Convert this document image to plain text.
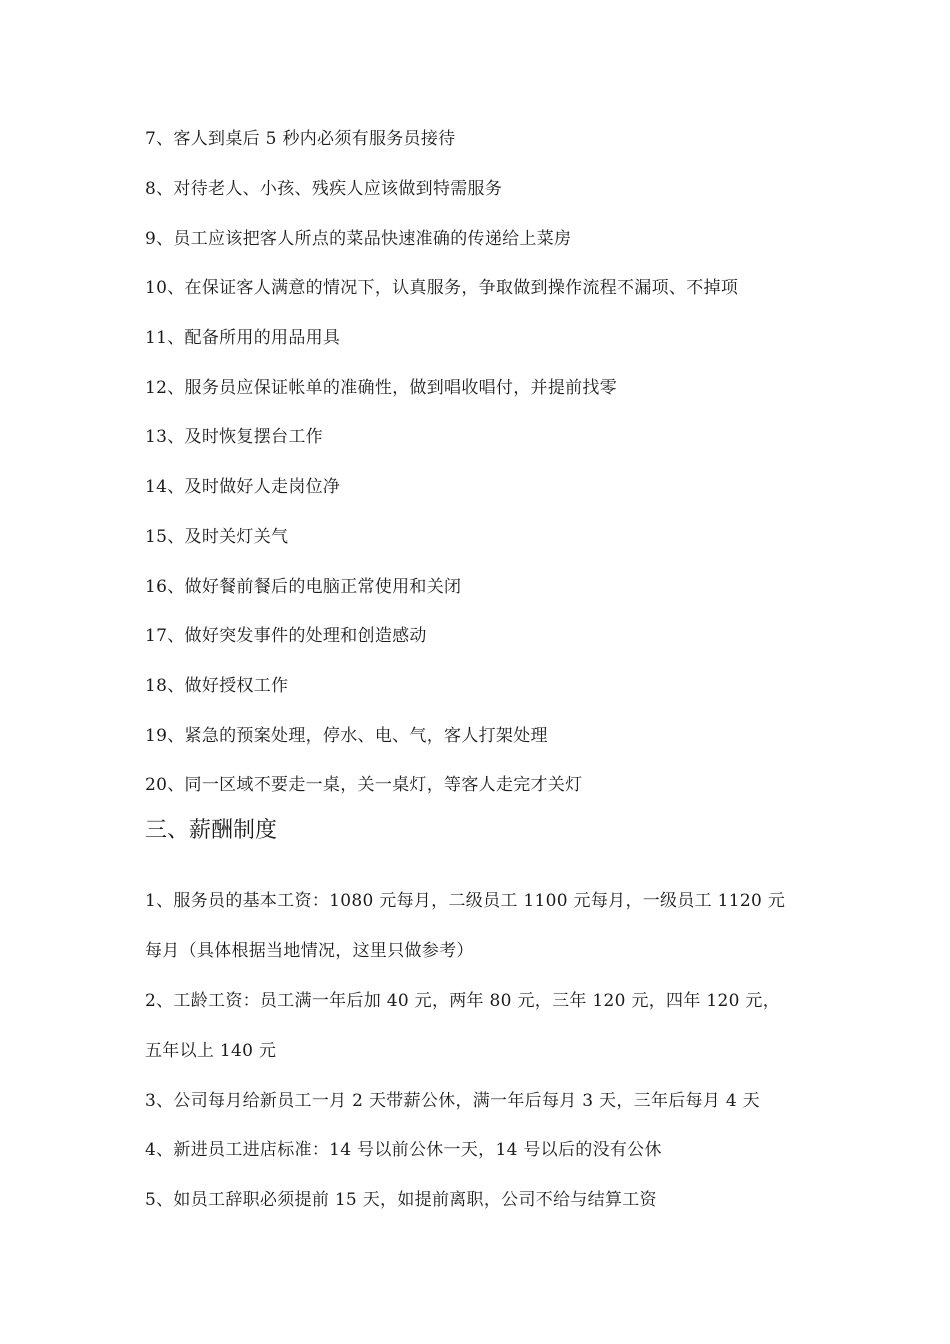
7、客人到桌后 5 秒内必须有服务员接待
8、对待老人、小孩、残疾人应该做到特需服务
9、员工应该把客人所点的菜品快速准确的传递给上菜房
10、在保证客人满意的情况下，认真服务，争取做到操作流程不漏项、不掉项
11、配备所用的用品用具
12、服务员应保证帐单的准确性，做到唱收唱付，并提前找零
13、及时恢复摆台工作
14、及时做好人走岗位净
15、及时关灯关气
16、做好餐前餐后的电脑正常使用和关闭
17、做好突发事件的处理和创造感动
18、做好授权工作
19、紧急的预案处理，停水、电、气，客人打架处理
20、同一区域不要走一桌，关一桌灯，等客人走完才关灯
三、薪酬制度
1、服务员的基本工资：1080 元每月，二级员工 1100 元每月，一级员工 1120 元
每月（具体根据当地情况，这里只做参考）
2、工龄工资：员工满一年后加 40 元，两年 80 元，三年 120 元，四年 120 元，
五年以上 140 元
3、公司每月给新员工一月 2 天带薪公休，满一年后每月 3 天，三年后每月 4 天
4、新进员工进店标准：14 号以前公休一天，14 号以后的没有公休
5、如员工辞职必须提前 15 天，如提前离职，公司不给与结算工资
